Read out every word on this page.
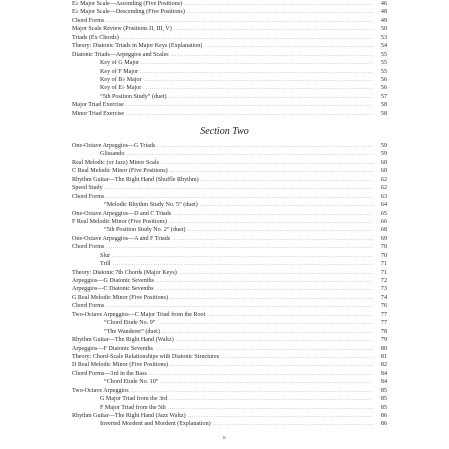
E♭ Major Scale—Ascending (Five Positions) .....	46
E♭ Major Scale—Descending (Five Positions) .....	48
Chord Forms .....	49
Major Scale Review (Positions II, III, V) .....	50
Triads (Ex Chords) .....	53
Theory: Diatonic Triads in Major Keys (Explanation) .....	54
Diatonic Triads—Arpeggios and Scales .....	55
Key of G Major .....	55
Key of F Major .....	55
Key of B♭ Major .....	56
Key of E♭ Major .....	56
“5th Position Study” (duet) .....	57
Major Triad Exercise .....	58
Minor Triad Exercise .....	58
Section Two
One-Octave Arpeggios—G Triads .....	59
Glissando .....	59
Real Melodic (or Jazz) Minor Scale .....	60
C Real Melodic Minor (Five Positions) .....	60
Rhythm Guitar—The Right Hand (Shuffle Rhythm) .....	62
Speed Study .....	62
Chord Forms .....	63
“Melodic Rhythm Study No. 5” (duet) .....	64
One-Octave Arpeggios—D and C Triads .....	65
F Real Melodic Minor (Five Positions) .....	66
“5th Position Study No. 2” (duet) .....	68
One-Octave Arpeggios—A and F Triads .....	69
Chord Forms .....	70
Slur .....	70
Trill .....	71
Theory: Diatonic 7th Chords (Major Keys) .....	71
Arpeggios—G Diatonic Sevenths .....	72
Arpeggios—C Diatonic Sevenths .....	73
G Real Melodic Minor (Five Positions) .....	74
Chord Forms .....	76
Two-Octave Arpeggios—C Major Triad from the Root .....	77
“Chord Etude No. 9” .....	77
“The Wanderer” (duet) .....	78
Rhythm Guitar—The Right Hand (Waltz) .....	79
Arpeggios—F Diatonic Sevenths .....	80
Theory: Chord-Scale Relationships with Diatonic Structures .....	81
D Real Melodic Minor (Five Positions) .....	82
Chord Forms—3rd in the Bass .....	84
“Chord Etude No. 10” .....	84
Two-Octave Arpeggios .....	85
G Major Triad from the 3rd .....	85
F Major Triad from the 5th .....	85
Rhythm Guitar—The Right Hand (Jazz Waltz) .....	86
Inverted Mordent and Mordent (Explanation) .....	86
iv
